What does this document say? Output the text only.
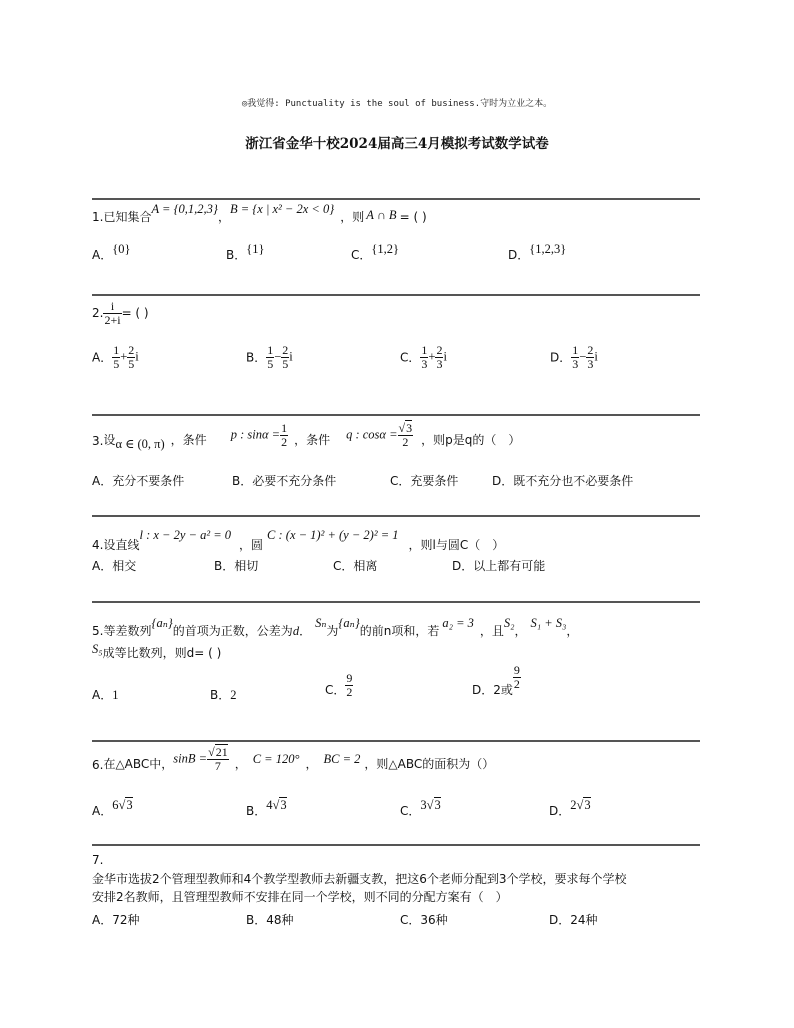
◎我觉得: Punctuality is the soul of business.守时为立业之本。
浙江省金华十校2024届高三4月模拟考试数学试卷
1.已知集合$^{A = \{0,1,2,3\}}$，$^{B = \{x | x^2 - 2x < 0\}}$，则 A ∩ B = ( )
A．$^{\{0\}}$	B．$^{\{1\}}$	C．$^{\{1,2\}}$	D．$^{\{1,2,3\}}$
2. $\frac{i}{2+i}$ = ( )
A． $\frac{1}{5} + \frac{2}{5}$ i	B． $\frac{1}{5} - \frac{2}{5}$ i	C． $\frac{1}{3} + \frac{2}{3}$ i	D． $\frac{1}{3} - \frac{2}{3}$ i
3.设α ∈ (0, π) ，条件 p : $\sin\alpha = \frac{1}{2}$ ，条件 q : $\cos\alpha = \frac{√3}{2}$ ，则p是q的（　）
A．充分不要条件	B．必要不充分条件	C．充要条件	D．既不充分也不必要条件
$_{4.设直线}$l : $x - 2y - a^2 = 0_{,圆}C$ : $(x - 1)^2 + (y - 2)^2 = 1_{,则l与圆C( )}$
A．相交	B．相切	C．相离	D．以上都有可能
$_{5.等差数列}\{a_n\}_{的首项为正数,公差为d.}S_n_为\{a_n\}_{的前n项和,若}a_2 = 3_{,且}S_2_,S_1 + S_3_,$
$^{S_5}$成等比数列，则d= ( )
A．1	B．2	C． $\frac{9}{2}$	D．2或 $\frac{9}{2}$
6.在△ABC中，$\sin B = \frac{√21}{7}$ ， C = 120° ， BC = 2 ，则△ABC的面积为（）
A．$^{6√3}$	B．$^{4√3}$	C．$^{3√3}$	D．$^{2√3}$
7.
金华市选拔2个管理型教师和4个教学型教师去新疆支教，把这6个老师分配到3个学校，要求每个学校
安排2名教师，且管理型教师不安排在同一个学校，则不同的分配方案有（　）
A．72种	B．48种	C．36种	D．24种
